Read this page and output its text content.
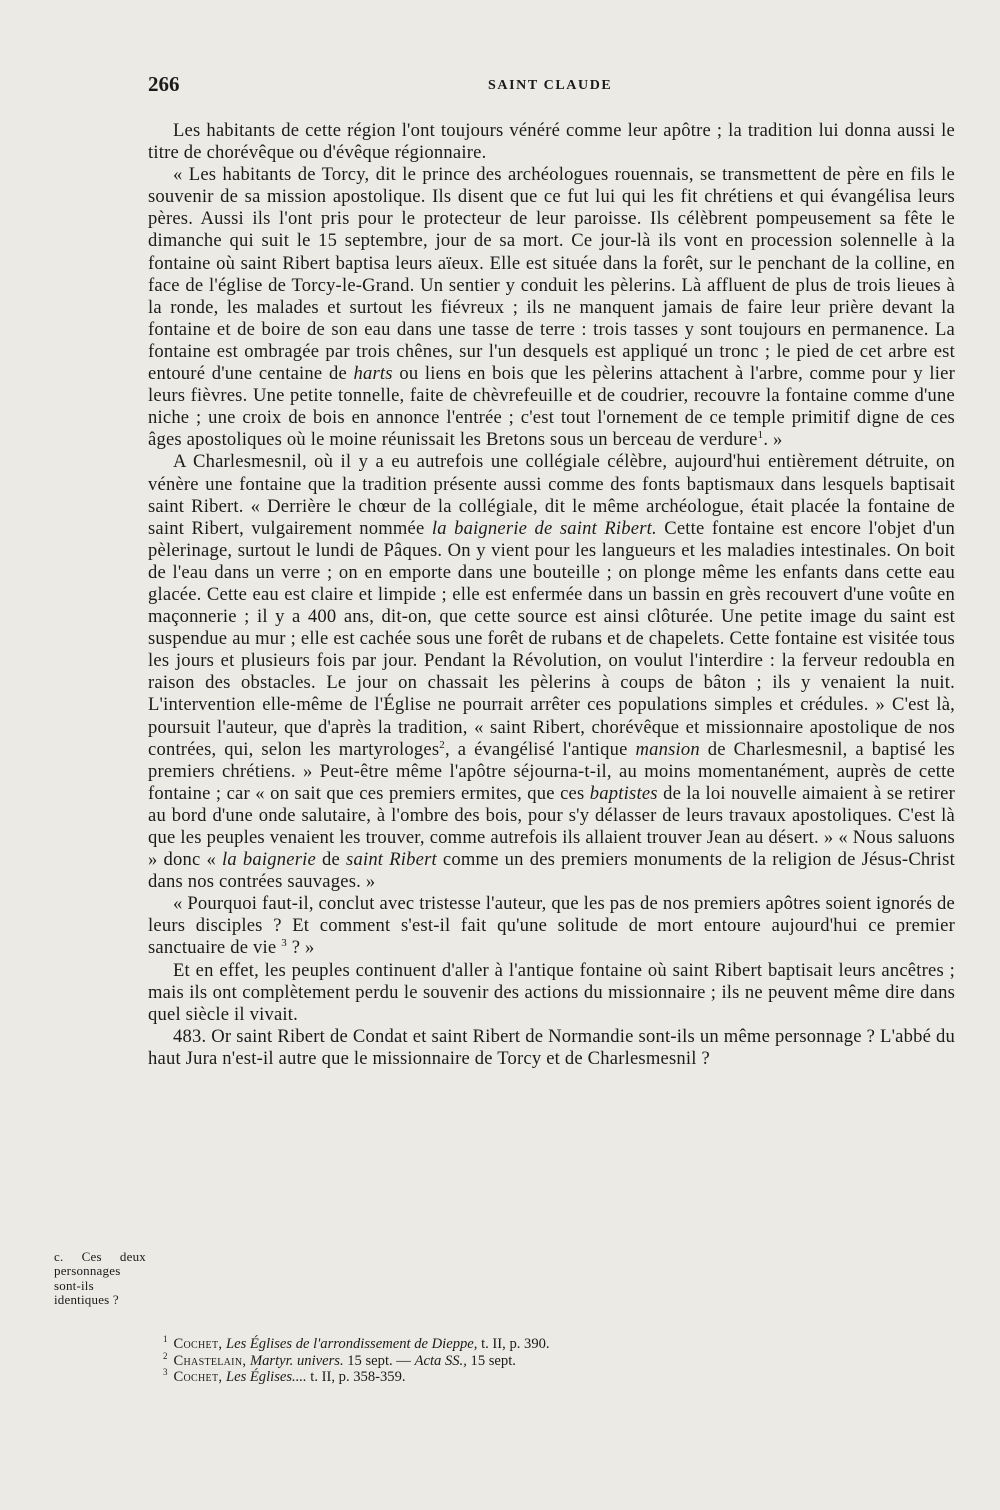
266	SAINT CLAUDE

Les habitants de cette région l'ont toujours vénéré comme leur apôtre ; la tradition lui donna aussi le titre de chorévêque ou d'évêque régionnaire.

« Les habitants de Torcy, dit le prince des archéologues rouennais, se transmettent de père en fils le souvenir de sa mission apostolique. Ils disent que ce fut lui qui les fit chrétiens et qui évangélisa leurs pères. Aussi ils l'ont pris pour le protecteur de leur paroisse. Ils célèbrent pompeusement sa fête le dimanche qui suit le 15 septembre, jour de sa mort. Ce jour-là ils vont en procession solennelle à la fontaine où saint Ribert baptisa leurs aïeux. Elle est située dans la forêt, sur le penchant de la colline, en face de l'église de Torcy-le-Grand. Un sentier y conduit les pèlerins. Là affluent de plus de trois lieues à la ronde, les malades et surtout les fiévreux ; ils ne manquent jamais de faire leur prière devant la fontaine et de boire de son eau dans une tasse de terre : trois tasses y sont toujours en permanence. La fontaine est ombragée par trois chênes, sur l'un desquels est appliqué un tronc ; le pied de cet arbre est entouré d'une centaine de harts ou liens en bois que les pèlerins attachent à l'arbre, comme pour y lier leurs fièvres. Une petite tonnelle, faite de chèvrefeuille et de coudrier, recouvre la fontaine comme d'une niche ; une croix de bois en annonce l'entrée ; c'est tout l'ornement de ce temple primitif digne de ces âges apostoliques où le moine réunissait les Bretons sous un berceau de verdure$^1$. »

A Charlesmesnil, où il y a eu autrefois une collégiale célèbre, aujourd'hui entièrement détruite, on vénère une fontaine que la tradition présente aussi comme des fonts baptismaux dans lesquels baptisait saint Ribert. « Derrière le chœur de la collégiale, dit le même archéologue, était placée la fontaine de saint Ribert, vulgairement nommée la baignerie de saint Ribert. Cette fontaine est encore l'objet d'un pèlerinage, surtout le lundi de Pâques. On y vient pour les langueurs et les maladies intestinales. On boit de l'eau dans un verre ; on en emporte dans une bouteille ; on plonge même les enfants dans cette eau glacée. Cette eau est claire et limpide ; elle est enfermée dans un bassin en grès recouvert d'une voûte en maçonnerie ; il y a 400 ans, dit-on, que cette source est ainsi clôturée. Une petite image du saint est suspendue au mur ; elle est cachée sous une forêt de rubans et de chapelets. Cette fontaine est visitée tous les jours et plusieurs fois par jour. Pendant la Révolution, on voulut l'interdire : la ferveur redoubla en raison des obstacles. Le jour on chassait les pèlerins à coups de bâton ; ils y venaient la nuit. L'intervention elle-même de l'Église ne pourrait arrêter ces populations simples et crédules. » C'est là, poursuit l'auteur, que d'après la tradition, « saint Ribert, chorévêque et missionnaire apostolique de nos contrées, qui, selon les martyrologes$^2$, a évangélisé l'antique mansion de Charlesmesnil, a baptisé les premiers chrétiens. » Peut-être même l'apôtre séjourna-t-il, au moins momentanément, auprès de cette fontaine ; car « on sait que ces premiers ermites, que ces baptistes de la loi nouvelle aimaient à se retirer au bord d'une onde salutaire, à l'ombre des bois, pour s'y délasser de leurs travaux apostoliques. C'est là que les peuples venaient les trouver, comme autrefois ils allaient trouver Jean au désert. » « Nous saluons » donc « la baignerie de saint Ribert comme un des premiers monuments de la religion de Jésus-Christ dans nos contrées sauvages. »

« Pourquoi faut-il, conclut avec tristesse l'auteur, que les pas de nos premiers apôtres soient ignorés de leurs disciples ? Et comment s'est-il fait qu'une solitude de mort entoure aujourd'hui ce premier sanctuaire de vie $^3$ ? »

Et en effet, les peuples continuent d'aller à l'antique fontaine où saint Ribert baptisait leurs ancêtres ; mais ils ont complètement perdu le souvenir des actions du missionnaire ; ils ne peuvent même dire dans quel siècle il vivait.

483. Or saint Ribert de Condat et saint Ribert de Normandie sont-ils un même personnage ? L'abbé du haut Jura n'est-il autre que le missionnaire de Torcy et de Charlesmesnil ?

c. Ces deux personnages sont-ils identiques ?
$^1$ Cochet, Les Églises de l'arrondissement de Dieppe, t. II, p. 390.
$^2$ Chastelain, Martyr. univers. 15 sept. — Acta SS., 15 sept.
$^3$ Cochet, Les Églises.... t. II, p. 358-359.
